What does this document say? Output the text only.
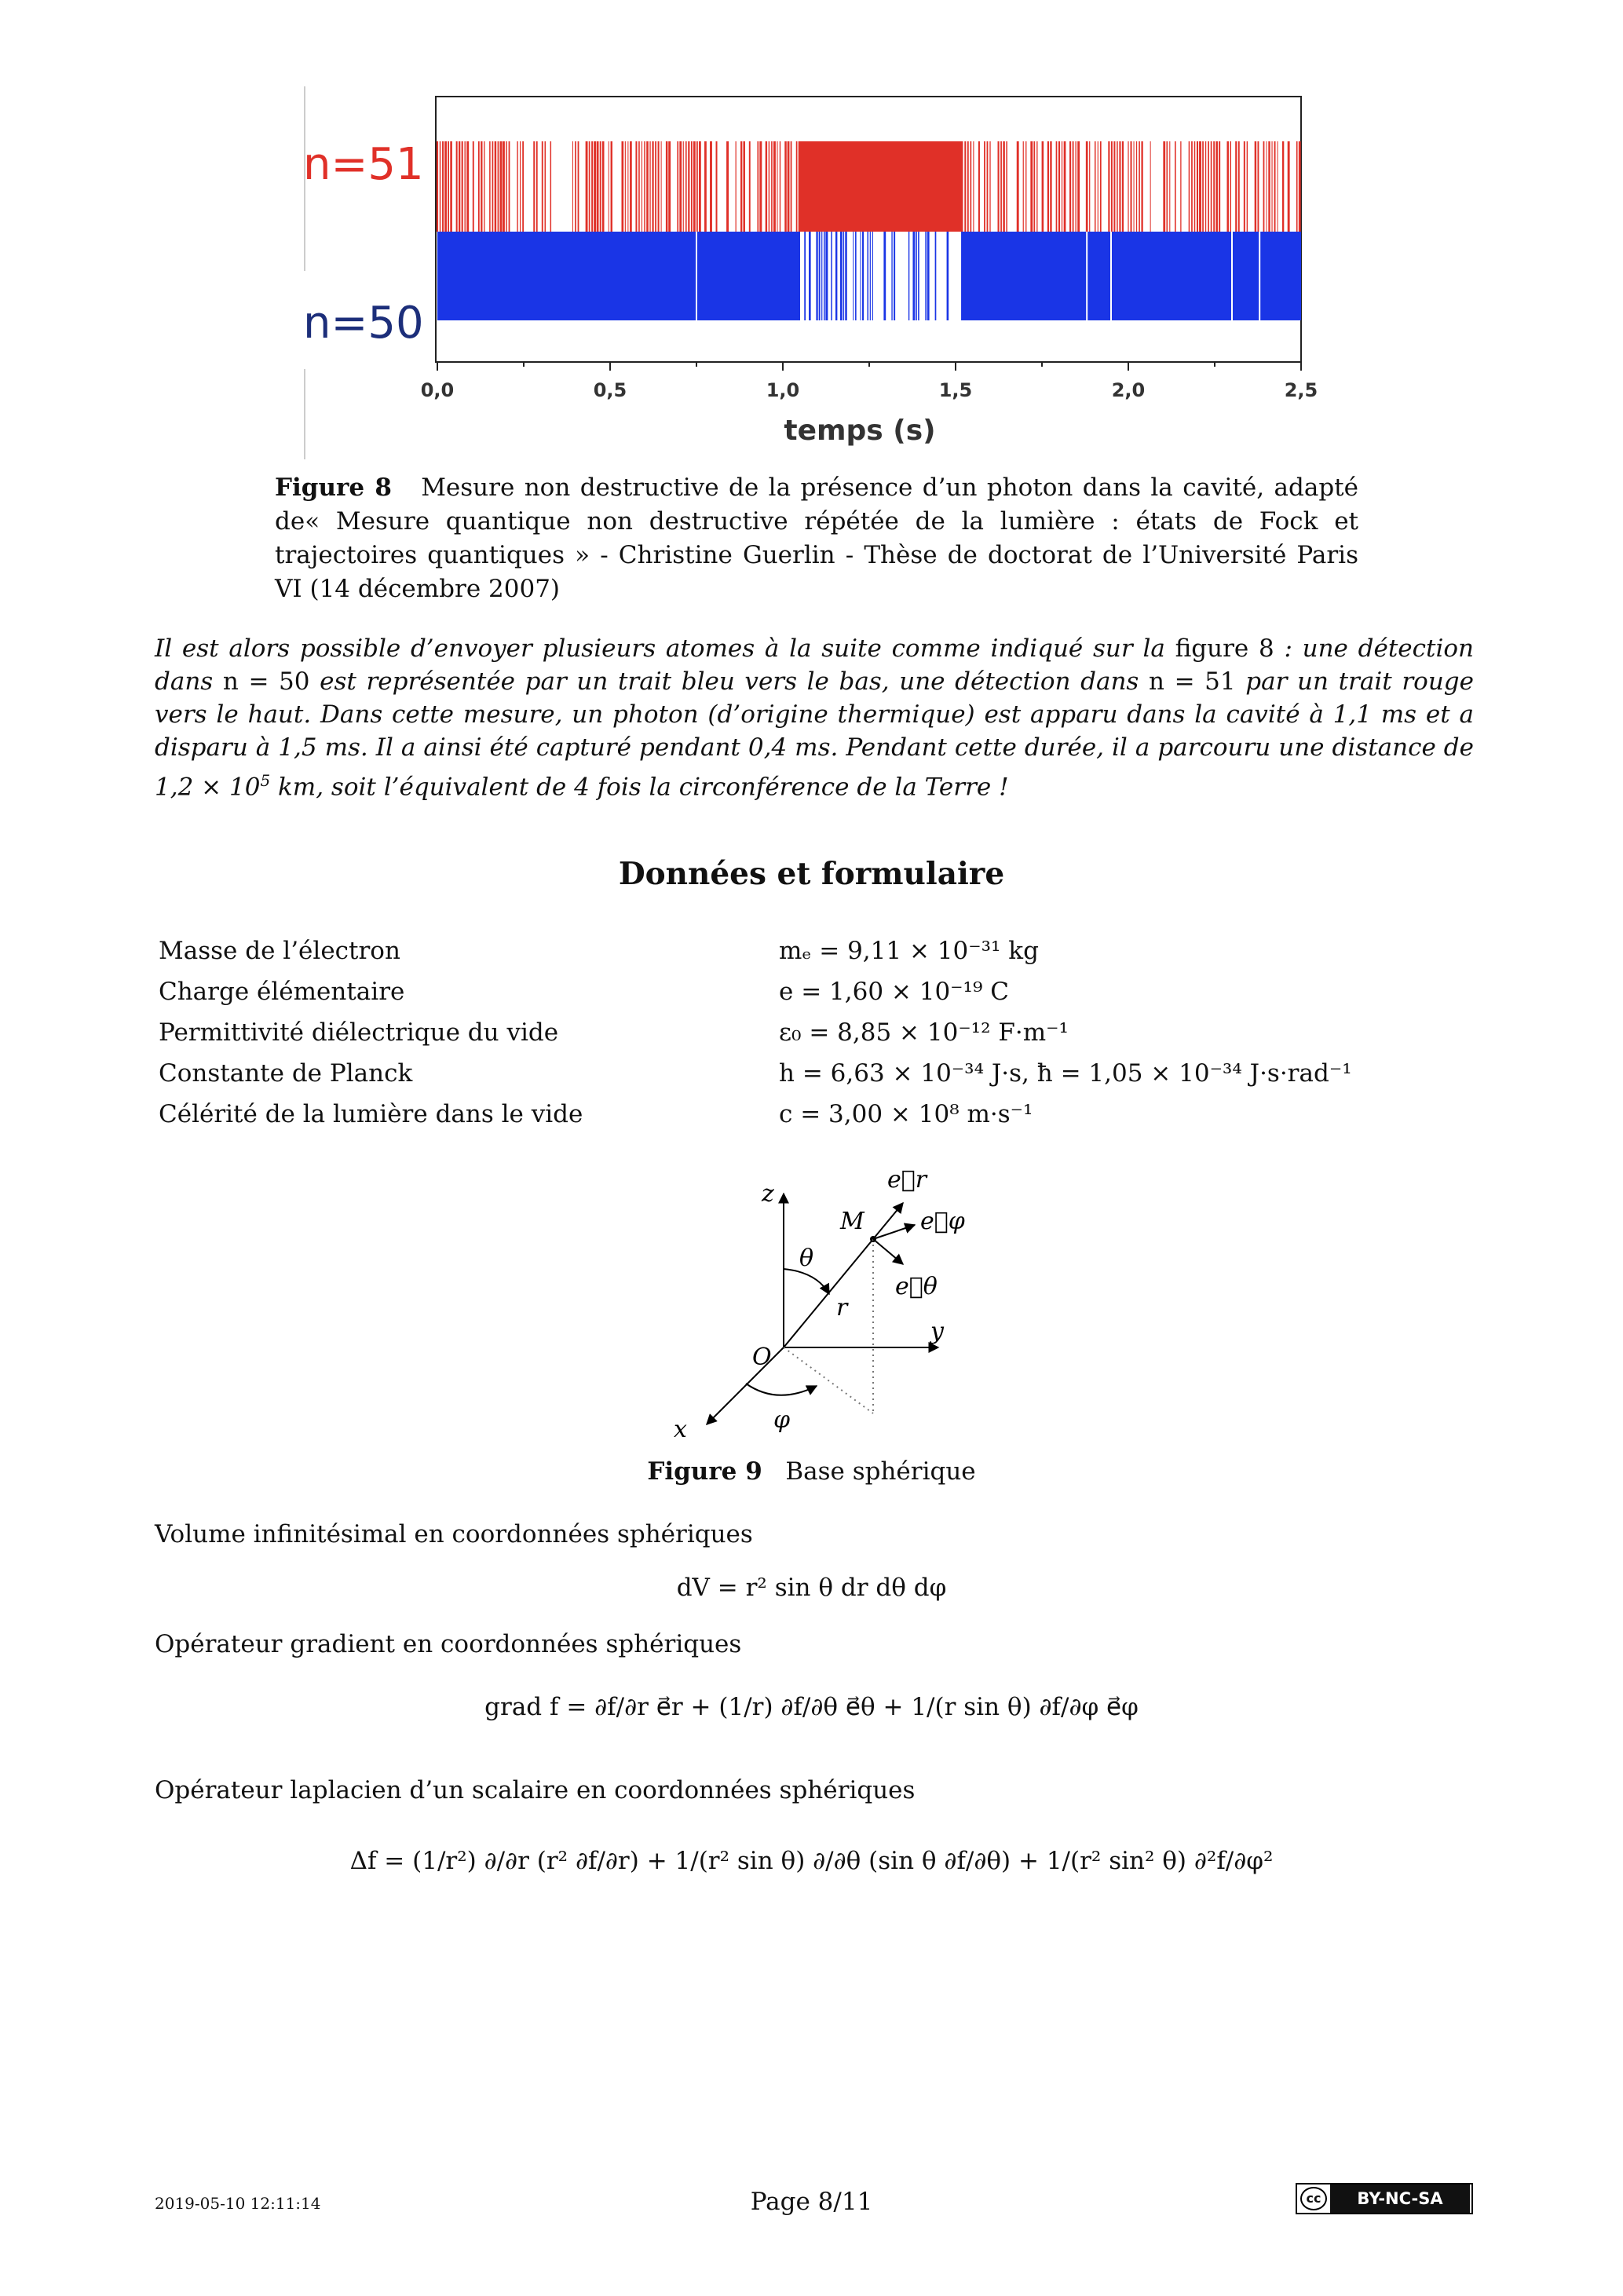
0,0	0,5	1,0	1,5	2,0	2,5
n=51
n=50
temps (s)
Figure 8 Mesure non destructive de la présence d’un photon dans la cavité, adapté de« Mesure quantique non destructive répétée de la lumière : états de Fock et trajectoires quantiques » - Christine Guerlin - Thèse de doctorat de l’Université Paris VI (14 décembre 2007)
Il est alors possible d’envoyer plusieurs atomes à la suite comme indiqué sur la figure 8 : une détection dans n = 50 est représentée par un trait bleu vers le bas, une détection dans n = 51 par un trait rouge vers le haut. Dans cette mesure, un photon (d’origine thermique) est apparu dans la cavité à 1,1 ms et a disparu à 1,5 ms. Il a ainsi été capturé pendant 0,4 ms. Pendant cette durée, il a parcouru une distance de $1,2 \times 10^5$ km, soit l’équivalent de 4 fois la circonférence de la Terre !
Données et formulaire
Masse de l’électron	mₑ = 9,11 × 10⁻³¹ kg
Charge élémentaire	e = 1,60 × 10⁻¹⁹ C
Permittivité diélectrique du vide	ε₀ = 8,85 × 10⁻¹² F·m⁻¹
Constante de Planck	h = 6,63 × 10⁻³⁴ J·s, ħ = 1,05 × 10⁻³⁴ J·s·rad⁻¹
Célérité de la lumière dans le vide	c = 3,00 × 10⁸ m·s⁻¹
z
y
x
O
M
r
θ
φ
e⃗r
e⃗φ
e⃗θ
Figure 9 Base sphérique
Volume infinitésimal en coordonnées sphériques
dV = r² sin θ dr dθ dφ
Opérateur gradient en coordonnées sphériques
grad f = ∂f/∂r e⃗r + (1/r) ∂f/∂θ e⃗θ + 1/(r sin θ) ∂f/∂φ e⃗φ
Opérateur laplacien d’un scalaire en coordonnées sphériques
Δf = (1/r²) ∂/∂r (r² ∂f/∂r) + 1/(r² sin θ) ∂/∂θ (sin θ ∂f/∂θ) + 1/(r² sin² θ) ∂²f/∂φ²
2019-05-10 12:11:14	Page 8/11	cc	BY-NC-SA
